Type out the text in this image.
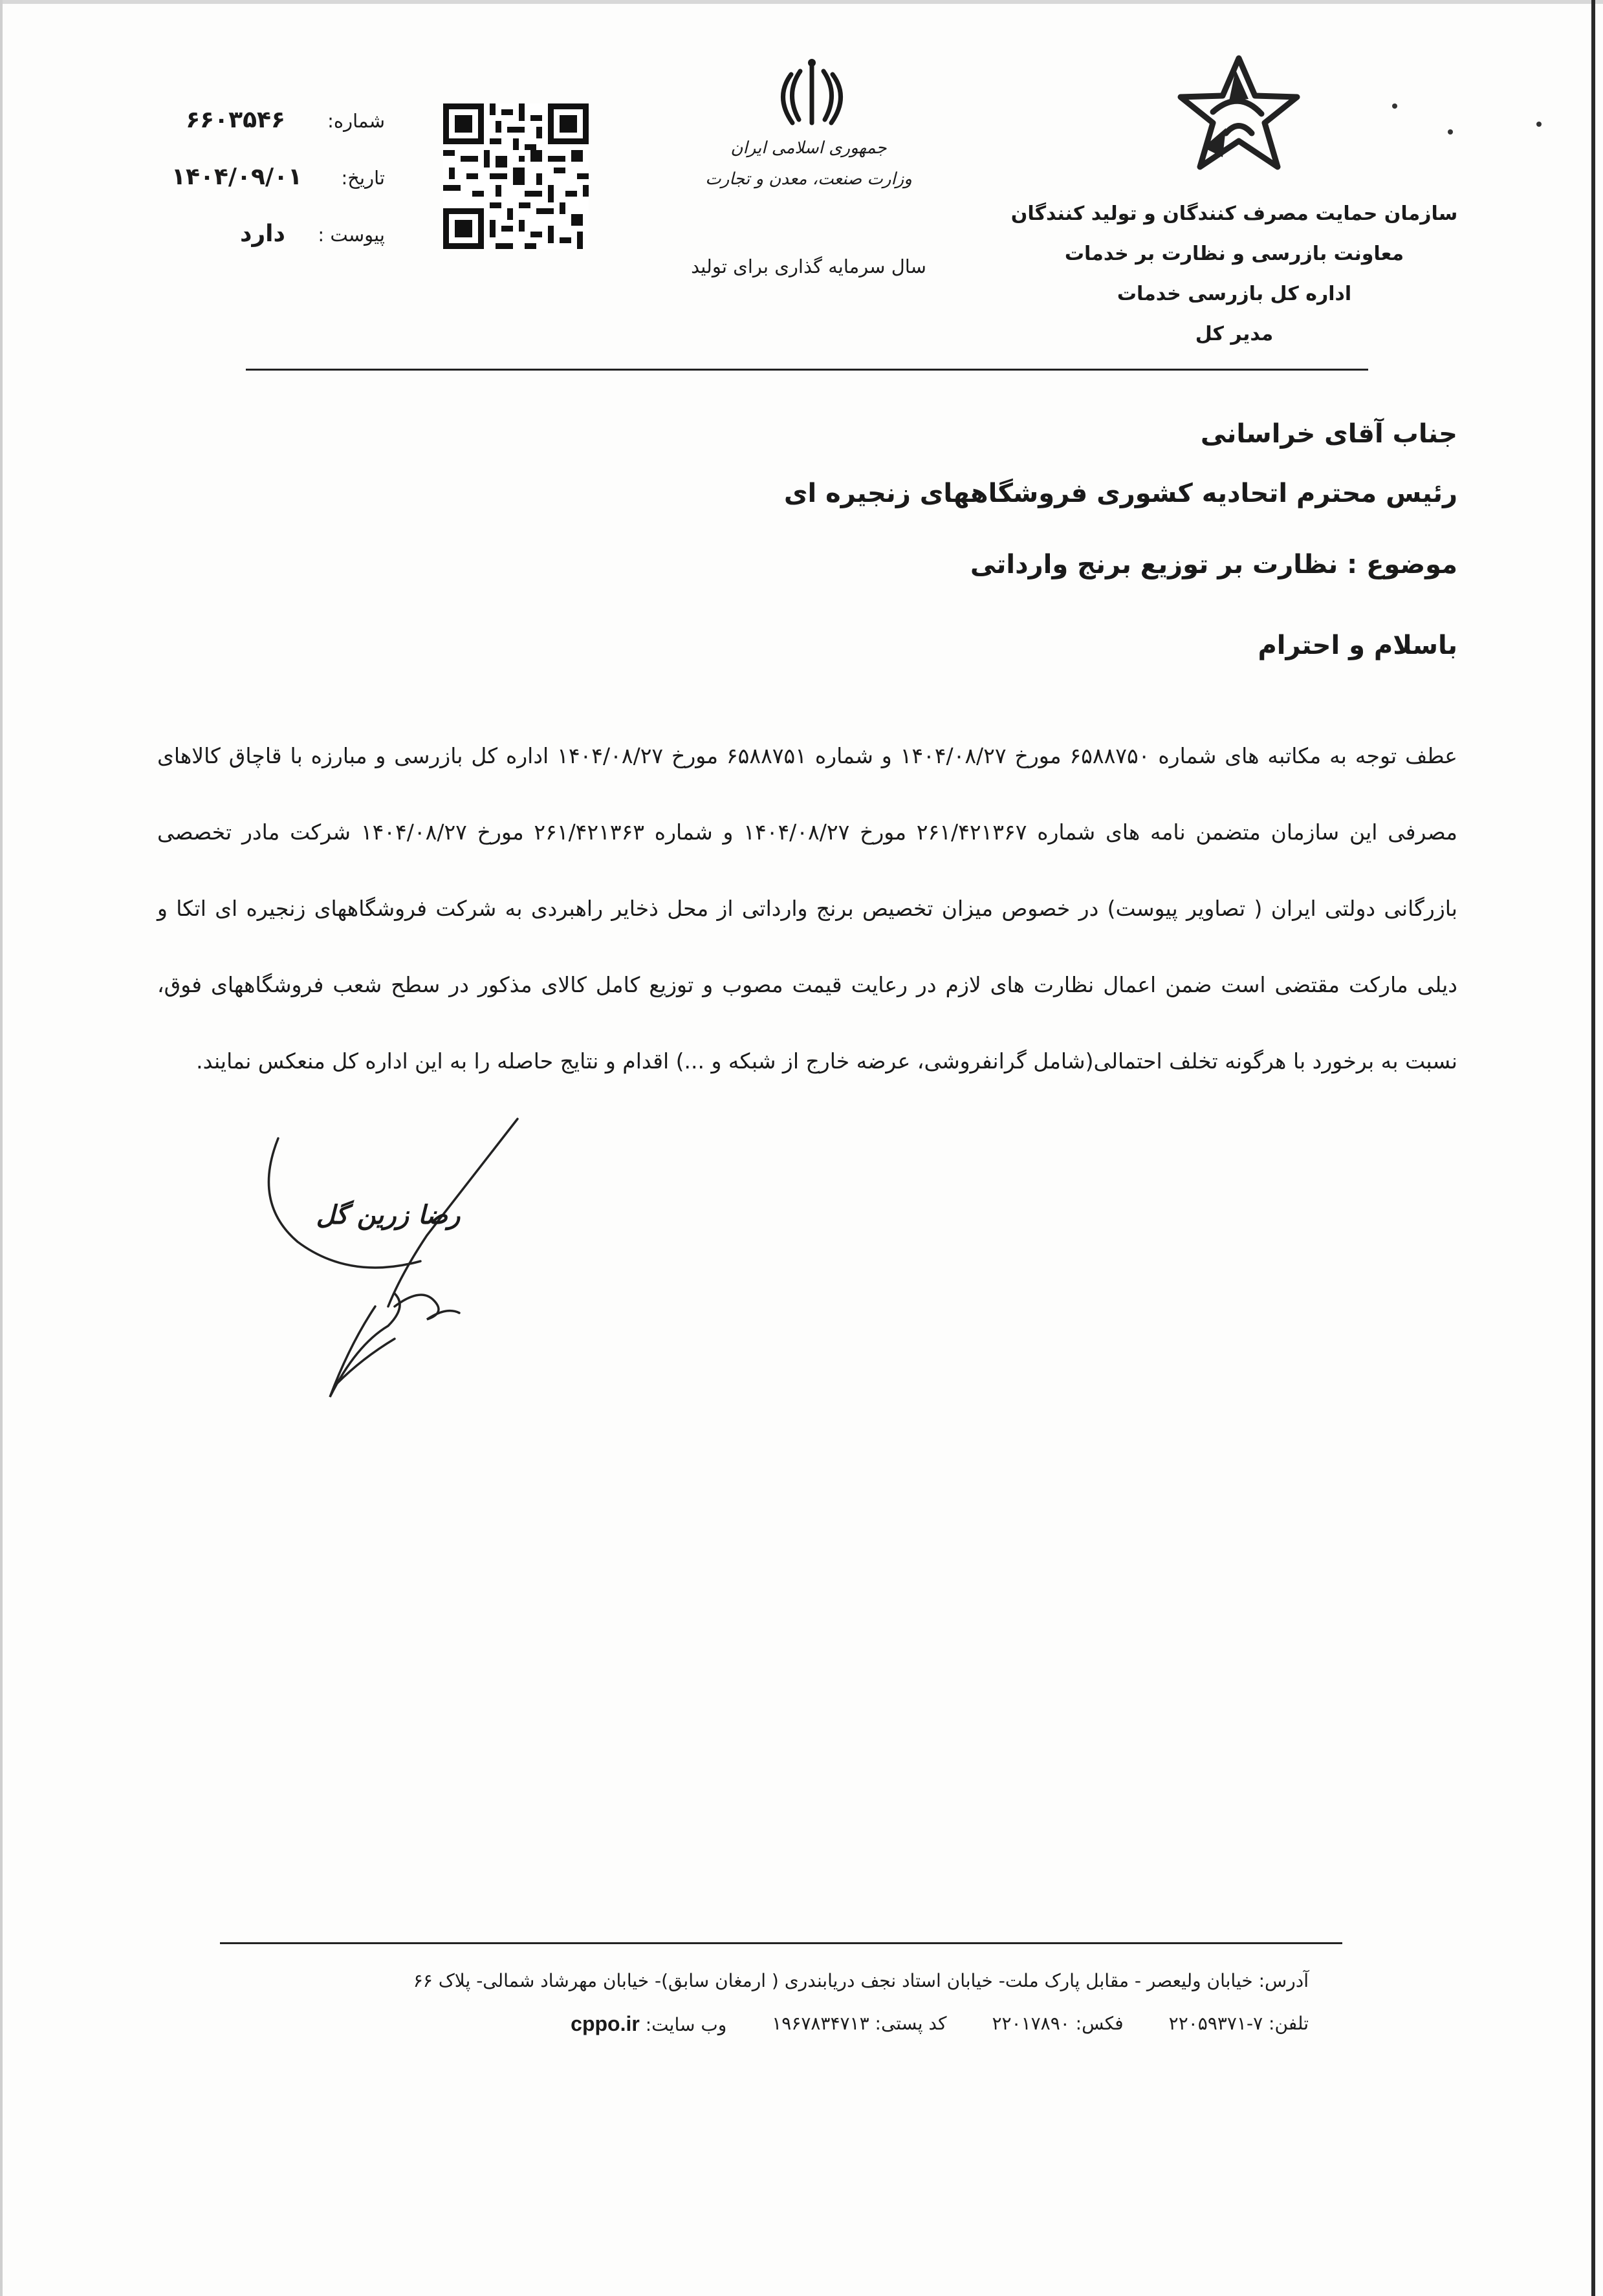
سازمان حمایت مصرف کنندگان و تولید کنندگان
معاونت بازرسی و نظارت بر خدمات
اداره کل بازرسی خدمات
مدیر کل
جمهوری اسلامی ایران
وزارت صنعت، معدن و تجارت
سال سرمایه گذاری برای تولید
شماره:
۶۶۰۳۵۴۶
تاریخ:
۱۴۰۴/۰۹/۰۱
پیوست :
دارد
جناب آقای خراسانی
رئیس محترم اتحادیه کشوری فروشگاههای زنجیره ای
موضوع : نظارت بر توزیع برنج وارداتی
باسلام و احترام
عطف توجه به مکاتبه های شماره ۶۵۸۸۷۵۰ مورخ ۱۴۰۴/۰۸/۲۷ و شماره ۶۵۸۸۷۵۱ مورخ ۱۴۰۴/۰۸/۲۷ اداره کل بازرسی و مبارزه با قاچاق کالاهای مصرفی این سازمان متضمن نامه های شماره ۲۶۱/۴۲۱۳۶۷ مورخ ۱۴۰۴/۰۸/۲۷ و شماره ۲۶۱/۴۲۱۳۶۳ مورخ ۱۴۰۴/۰۸/۲۷ شرکت مادر تخصصی بازرگانی دولتی ایران ( تصاویر پیوست) در خصوص میزان تخصیص برنج وارداتی از محل ذخایر راهبردی به شرکت فروشگاههای زنجیره ای اتکا و دیلی مارکت مقتضی است ضمن اعمال نظارت های لازم در رعایت قیمت مصوب و توزیع کامل کالای مذکور در سطح شعب فروشگاههای فوق، نسبت به برخورد با هرگونه تخلف احتمالی(شامل گرانفروشی، عرضه خارج از شبکه و ...) اقدام و نتایج حاصله را به این اداره کل منعکس نمایند.
رضا زرین گل
آدرس: خیابان ولیعصر - مقابل پارک ملت- خیابان استاد نجف دریابندری ( ارمغان سابق)- خیابان مهرشاد شمالی- پلاک ۶۶
تلفن: ۷-۲۲۰۵۹۳۷۱
فکس: ۲۲۰۱۷۸۹۰
کد پستی: ۱۹۶۷۸۳۴۷۱۳
وب سایت: cppo.ir
